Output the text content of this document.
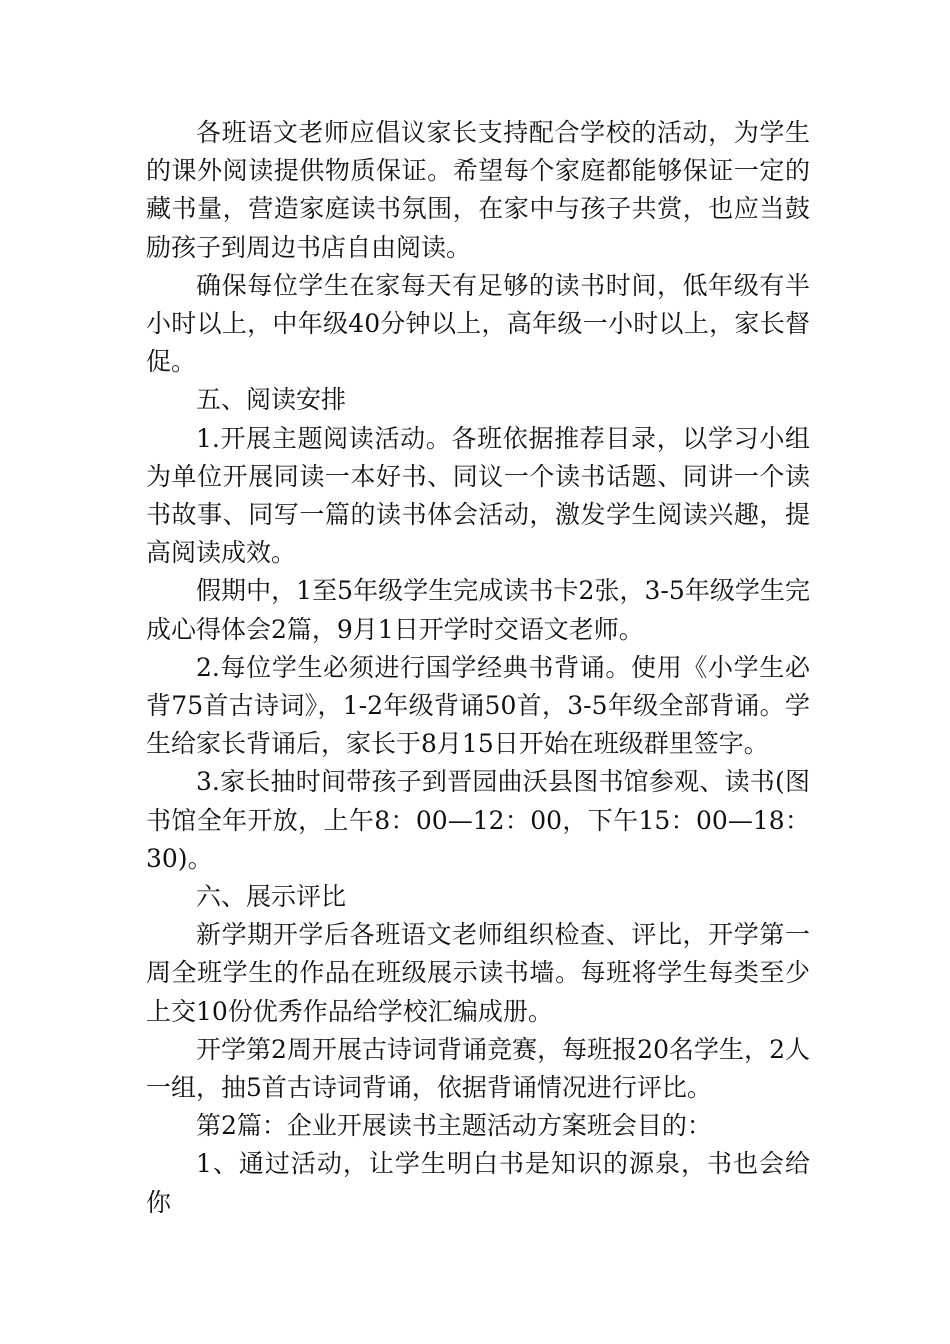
各班语文老师应倡议家长支持配合学校的活动，为学生的课外阅读提供物质保证。希望每个家庭都能够保证一定的藏书量，营造家庭读书氛围，在家中与孩子共赏，也应当鼓励孩子到周边书店自由阅读。

确保每位学生在家每天有足够的读书时间，低年级有半小时以上，中年级40分钟以上，高年级一小时以上，家长督促。

五、阅读安排

1.开展主题阅读活动。各班依据推荐目录，以学习小组为单位开展同读一本好书、同议一个读书话题、同讲一个读书故事、同写一篇的读书体会活动，激发学生阅读兴趣，提高阅读成效。

假期中，1至5年级学生完成读书卡2张，3-5年级学生完成心得体会2篇，9月1日开学时交语文老师。

2.每位学生必须进行国学经典书背诵。使用《小学生必背75首古诗词》，1-2年级背诵50首，3-5年级全部背诵。学生给家长背诵后，家长于8月15日开始在班级群里签字。

3.家长抽时间带孩子到晋园曲沃县图书馆参观、读书(图书馆全年开放，上午8：00—12：00，下午15：00—18：30)。

六、展示评比

新学期开学后各班语文老师组织检查、评比，开学第一周全班学生的作品在班级展示读书墙。每班将学生每类至少上交10份优秀作品给学校汇编成册。

开学第2周开展古诗词背诵竞赛，每班报20名学生，2人一组，抽5首古诗词背诵，依据背诵情况进行评比。

第2篇：企业开展读书主题活动方案班会目的：

1、通过活动，让学生明白书是知识的源泉，书也会给你
